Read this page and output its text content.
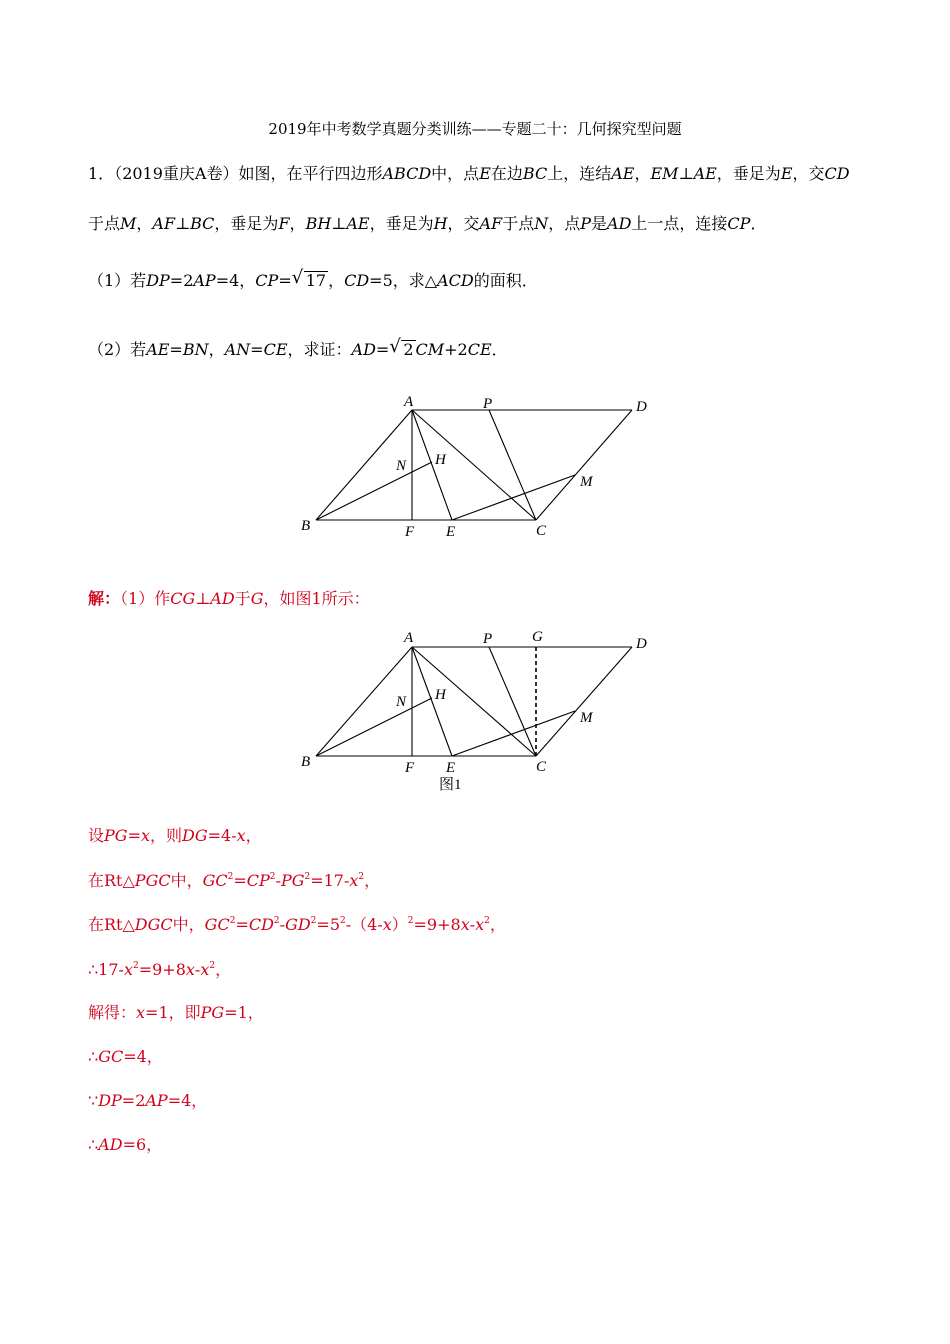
2019年中考数学真题分类训练——专题二十：几何探究型问题
1．（2019重庆A卷）如图，在平行四边形ABCD中，点E在边BC上，连结AE，EM⊥AE，垂足为E，交CD
于点M，AF⊥BC，垂足为F，BH⊥AE，垂足为H，交AF于点N，点P是AD上一点，连接CP．
（1）若DP=2AP=4，CP= √ 17 ，CD=5，求△ACD的面积．
（2）若AE=BN，AN=CE，求证：AD= √ 2 CM+2CE．
A	P	D
N H
M
B	F E	C
A	P	G	D
N H
M
B	F E	C
图1
解：（1）作CG⊥AD于G，如图1所示：
设PG=x，则DG=4-x，
在Rt△PGC中，$GC^2=CP^2-PG^2=17-x^2$，
在Rt△DGC中，$GC^2=CD^2-GD^2=5^2-(4-x)^2=9+8x-x^2$，
$\therefore 17-x^2=9+8x-x^2$，
解得：x=1，即PG=1，
∴GC=4，
∵DP=2AP=4，
∴AD=6，
